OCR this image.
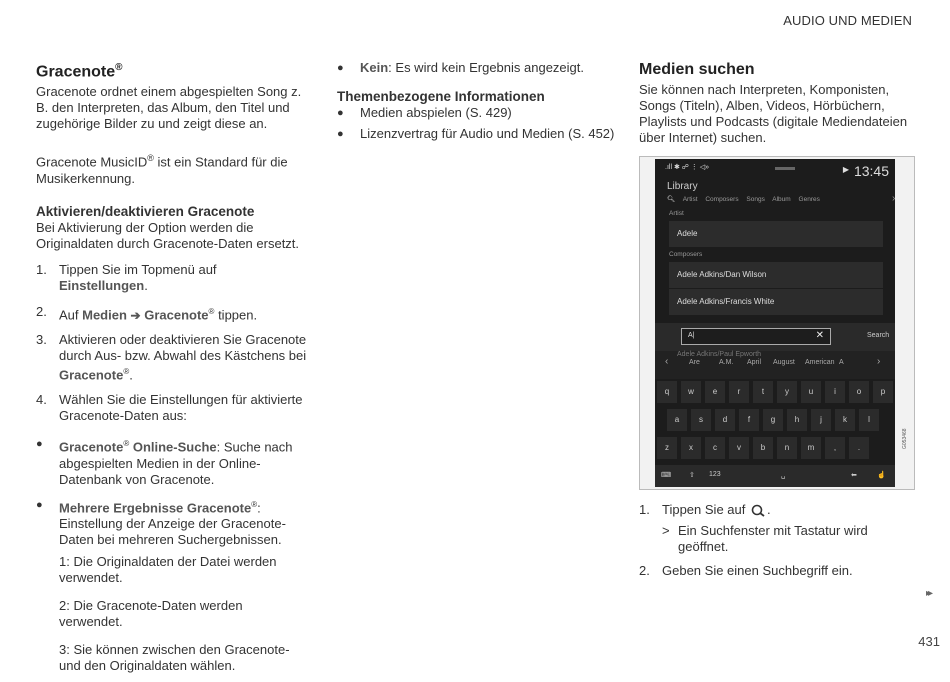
AUDIO UND MEDIEN
Gracenote®

Gracenote ordnet einem abgespielten Song z. B. den Interpreten, das Album, den Titel und zugehörige Bilder zu und zeigt diese an.

Gracenote MusicID® ist ein Standard für die Musikerkennung.

Aktivieren/deaktivieren Gracenote

Bei Aktivierung der Option werden die Originaldaten durch Gracenote-Daten ersetzt.

1. Tippen Sie im Topmenü auf Einstellungen.
2. Auf Medien ➔ Gracenote® tippen.
3. Aktivieren oder deaktivieren Sie Gracenote durch Aus- bzw. Abwahl des Kästchens bei Gracenote®.
4. Wählen Sie die Einstellungen für aktivierte Gracenote-Daten aus:
●	Gracenote® Online-Suche: Suche nach abgespielten Medien in der Online-Datenbank von Gracenote.
●	Mehrere Ergebnisse Gracenote®: Einstellung der Anzeige der Gracenote-Daten bei mehreren Suchergebnissen.

1: Die Originaldaten der Datei werden verwendet.

2: Die Gracenote-Daten werden verwendet.

3: Sie können zwischen den Gracenote- und den Originaldaten wählen.

●	Kein: Es wird kein Ergebnis angezeigt.
Themenbezogene Informationen
●	Medien abspielen (S. 429)
●	Lizenzvertrag für Audio und Medien (S. 452)
Medien suchen

Sie können nach Interpreten, Komponisten, Songs (Titeln), Alben, Videos, Hörbüchern, Playlists und Podcasts (digitale Mediendateien über Internet) suchen.

.ıll ✱ ☍ ⋮ ◁»	▶ 13:45
Library
🔍︎ Artist Composers Songs Album Genres	›
Artist
Adele
Composers
Adele Adkins/Dan Wilson
Adele Adkins/Francis White
A|	✕	Search
Adele Adkins/Paul Epworth
‹	Are	A.M. April August American A	›
q	w	e	r	t	y	u	i	o	p
a	s	d	f	g	h	j	k	l
z	x	c	v	b	n	m	,	.
⌨	⇧ 123	␣	⬅	☝
G053468
1. Tippen Sie auf .
> Ein Suchfenster mit Tastatur wird geöffnet.
2. Geben Sie einen Suchbegriff ein.
▸▸
431
